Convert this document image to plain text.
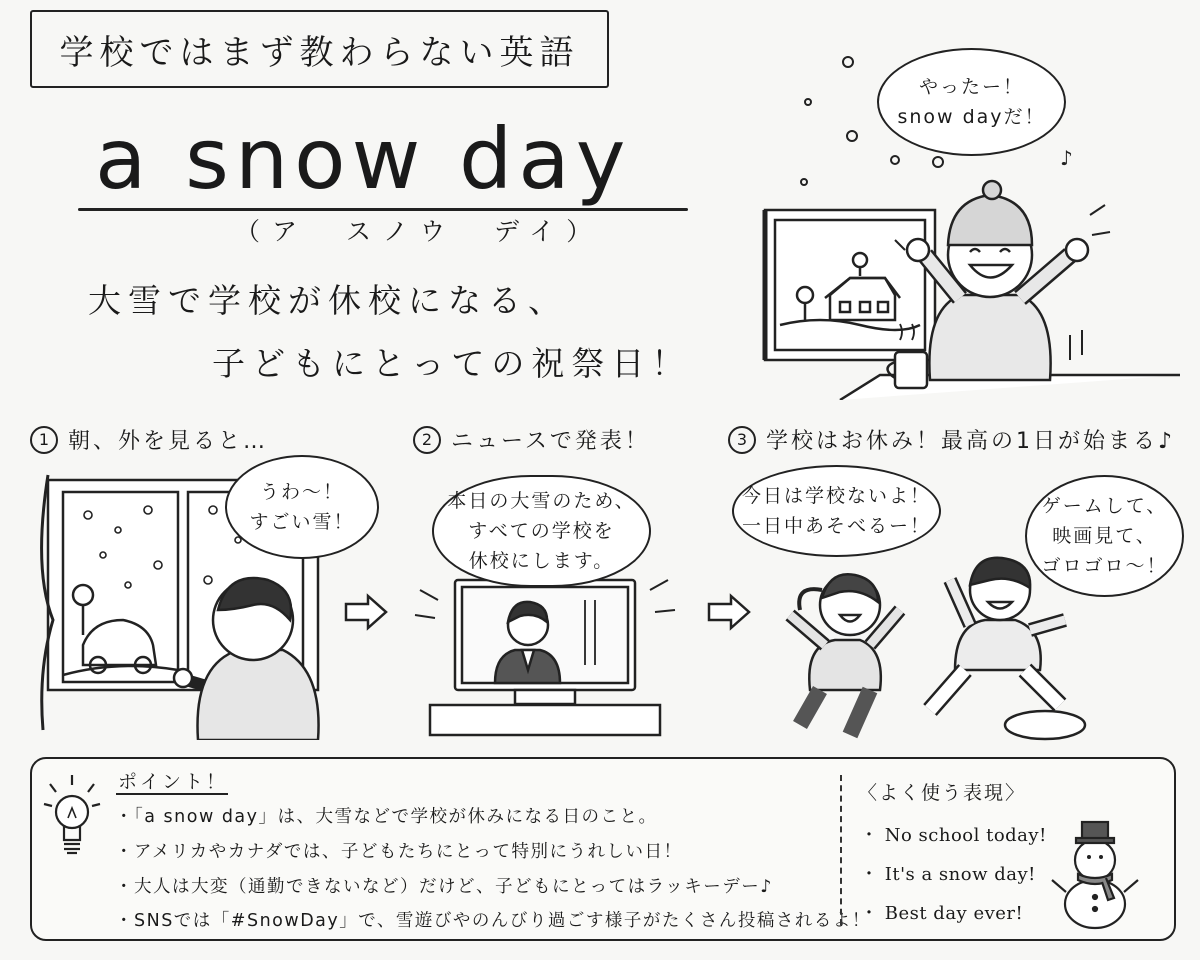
学校ではまず教わらない英語
a snow day
（ア　スノウ　デイ）
大雪で学校が休校になる、
子どもにとっての祝祭日！
♪
やったー！
snow dayだ！
1 朝、外を見ると…	2 ニュースで発表！	3 学校はお休み！最高の1日が始まる♪
うわ〜！
すごい雪！
本日の大雪のため、
すべての学校を
休校にします。
今日は学校ないよ！
一日中あそべるー！
ゲームして、
映画見て、
ゴロゴロ〜！
ポイント！
・「a snow day」は、大雪などで学校が休みになる日のこと。
・アメリカやカナダでは、子どもたちにとって特別にうれしい日！
・大人は大変（通勤できないなど）だけど、子どもにとってはラッキーデー♪
・SNSでは「#SnowDay」で、雪遊びやのんびり過ごす様子がたくさん投稿されるよ！
〈よく使う表現〉
・ No school today!
・ It's a snow day!
・ Best day ever!
